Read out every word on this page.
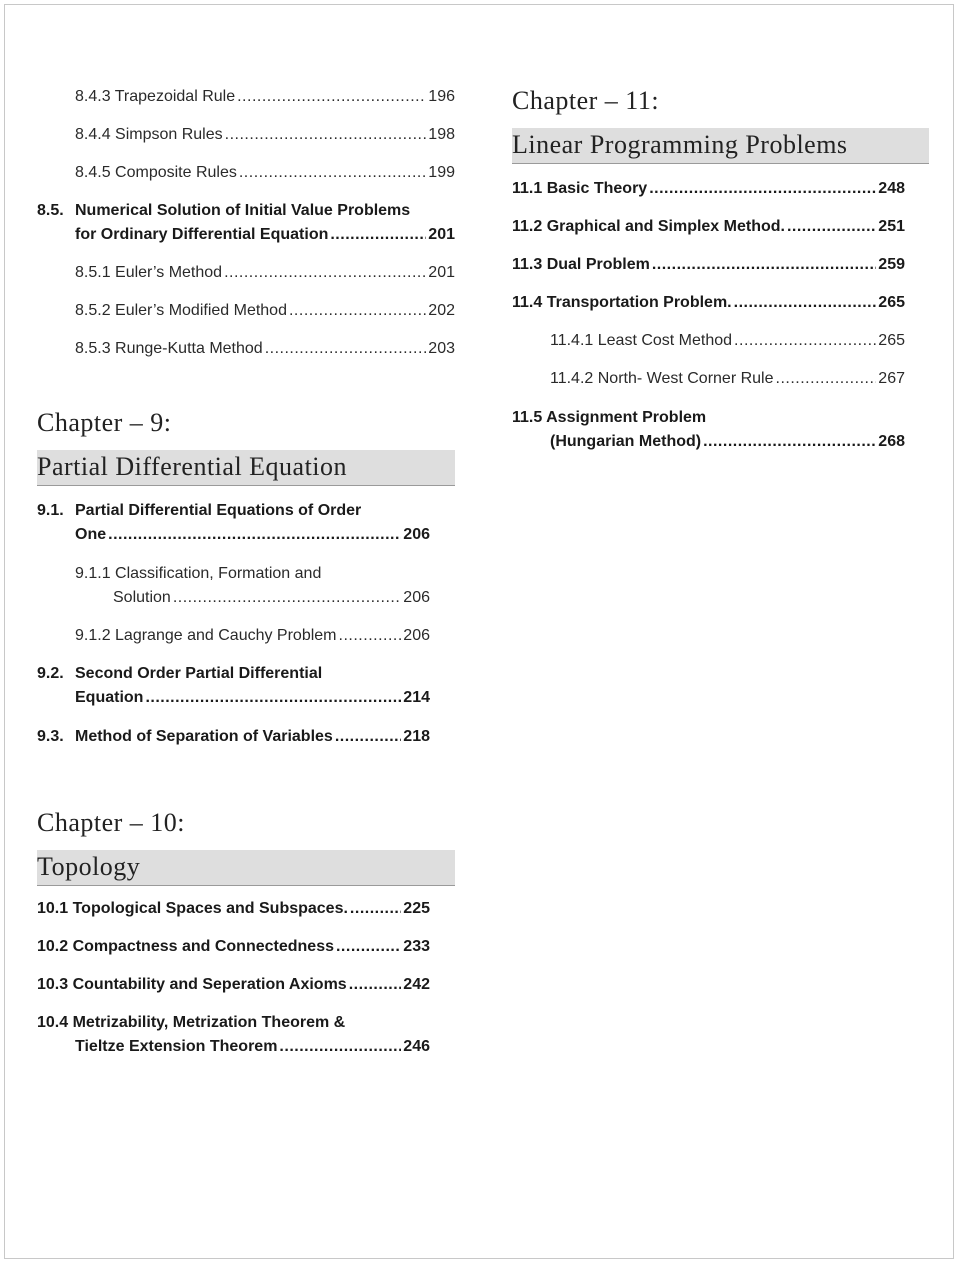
8.4.3 Trapezoidal Rule .....	196
8.4.4 Simpson Rules .....	198
8.4.5 Composite Rules .....	199
8.5. Numerical Solution of Initial Value Problems
for Ordinary Differential Equation .....	201
8.5.1 Euler’s Method .....	201
8.5.2 Euler’s Modified Method .....	202
8.5.3 Runge-Kutta Method .....	203
Chapter – 9:
Partial Differential Equation
9.1. Partial Differential Equations of Order
One .....	206
9.1.1 Classification, Formation and
Solution .....	206
9.1.2 Lagrange and Cauchy Problem .....	206
9.2. Second Order Partial Differential
Equation .....	214
9.3. Method of Separation of Variables .....	218
Chapter – 10:
Topology
10.1 Topological Spaces and Subspaces. .....	225
10.2 Compactness and Connectedness .....	233
10.3 Countability and Seperation Axioms .....	242
10.4 Metrizability, Metrization Theorem &
Tieltze Extension Theorem .....	246
Chapter – 11:
Linear Programming Problems
11.1 Basic Theory .....	248
11.2 Graphical and Simplex Method. .....	251
11.3 Dual Problem .....	259
11.4 Transportation Problem. .....	265
11.4.1 Least Cost Method .....	265
11.4.2 North- West Corner Rule .....	267
11.5 Assignment Problem
(Hungarian Method) .....	268
